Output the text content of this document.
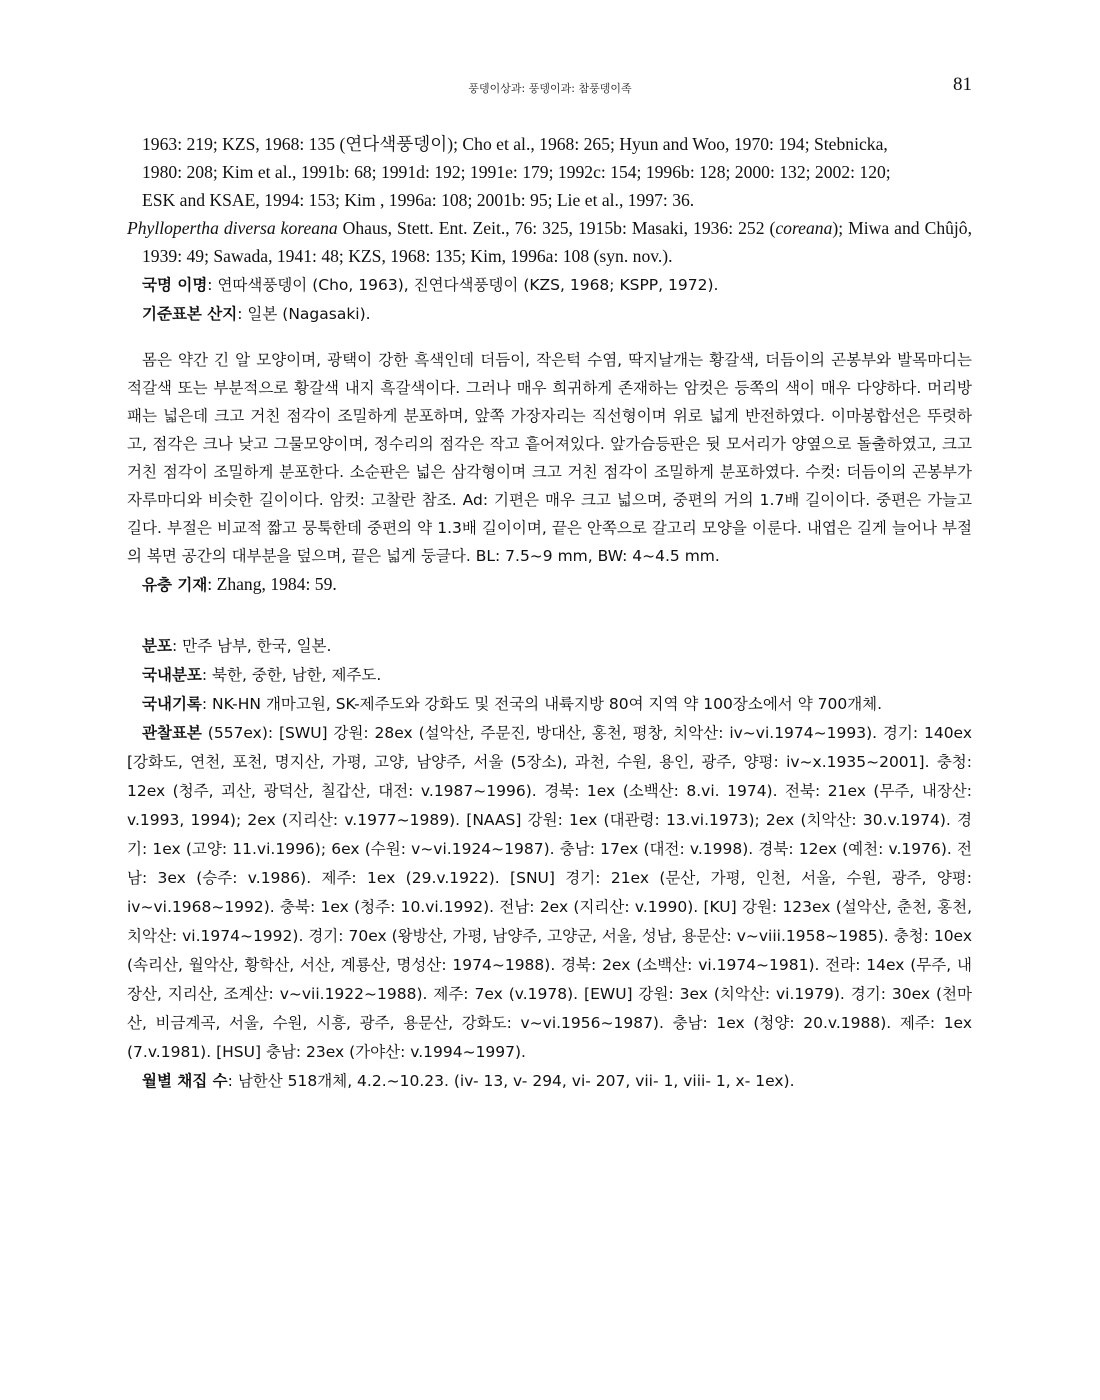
풍뎅이상과: 풍뎅이과: 참풍뎅이족	81

1963: 219; KZS, 1968: 135 (연다색풍뎅이); Cho et al., 1968: 265; Hyun and Woo, 1970: 194; Stebnicka,

1980: 208; Kim et al., 1991b: 68; 1991d: 192; 1991e: 179; 1992c: 154; 1996b: 128; 2000: 132; 2002: 120;

ESK and KSAE, 1994: 153; Kim , 1996a: 108; 2001b: 95; Lie et al., 1997: 36.

Phyllopertha diversa koreana Ohaus, Stett. Ent. Zeit., 76: 325, 1915b: Masaki, 1936: 252 (coreana); Miwa and Chûjô, 1939: 49; Sawada, 1941: 48; KZS, 1968: 135; Kim, 1996a: 108 (syn. nov.).

국명 이명: 연따색풍뎅이 (Cho, 1963), 진연다색풍뎅이 (KZS, 1968; KSPP, 1972).

기준표본 산지: 일본 (Nagasaki).

몸은 약간 긴 알 모양이며, 광택이 강한 흑색인데 더듬이, 작은턱 수염, 딱지날개는 황갈색, 더듬이의 곤봉부와 발목마디는 적갈색 또는 부분적으로 황갈색 내지 흑갈색이다. 그러나 매우 희귀하게 존재하는 암컷은 등쪽의 색이 매우 다양하다. 머리방패는 넓은데 크고 거친 점각이 조밀하게 분포하며, 앞쪽 가장자리는 직선형이며 위로 넓게 반전하였다. 이마봉합선은 뚜렷하고, 점각은 크나 낮고 그물모양이며, 정수리의 점각은 작고 흩어져있다. 앞가슴등판은 뒷 모서리가 양옆으로 돌출하였고, 크고 거친 점각이 조밀하게 분포한다. 소순판은 넓은 삼각형이며 크고 거친 점각이 조밀하게 분포하였다. 수컷: 더듬이의 곤봉부가 자루마디와 비슷한 길이이다. 암컷: 고찰란 참조. Ad: 기편은 매우 크고 넓으며, 중편의 거의 1.7배 길이이다. 중편은 가늘고 길다. 부절은 비교적 짧고 뭉툭한데 중편의 약 1.3배 길이이며, 끝은 안쪽으로 갈고리 모양을 이룬다. 내엽은 길게 늘어나 부절의 복면 공간의 대부분을 덮으며, 끝은 넓게 둥글다. BL: 7.5~9 mm, BW: 4~4.5 mm.

유충 기재: Zhang, 1984: 59.

분포: 만주 남부, 한국, 일본.

국내분포: 북한, 중한, 남한, 제주도.

국내기록: NK-HN 개마고원, SK-제주도와 강화도 및 전국의 내륙지방 80여 지역 약 100장소에서 약 700개체.

관찰표본 (557ex): [SWU] 강원: 28ex (설악산, 주문진, 방대산, 홍천, 평창, 치악산: iv~vi.1974~1993). 경기: 140ex [강화도, 연천, 포천, 명지산, 가평, 고양, 남양주, 서울 (5장소), 과천, 수원, 용인, 광주, 양평: iv~x.1935~2001]. 충청: 12ex (청주, 괴산, 광덕산, 칠갑산, 대전: v.1987~1996). 경북: 1ex (소백산: 8.vi. 1974). 전북: 21ex (무주, 내장산: v.1993, 1994); 2ex (지리산: v.1977~1989). [NAAS] 강원: 1ex (대관령: 13.vi.1973); 2ex (치악산: 30.v.1974). 경기: 1ex (고양: 11.vi.1996); 6ex (수원: v~vi.1924~1987). 충남: 17ex (대전: v.1998). 경북: 12ex (예천: v.1976). 전남: 3ex (승주: v.1986). 제주: 1ex (29.v.1922). [SNU] 경기: 21ex (문산, 가평, 인천, 서울, 수원, 광주, 양평: iv~vi.1968~1992). 충북: 1ex (청주: 10.vi.1992). 전남: 2ex (지리산: v.1990). [KU] 강원: 123ex (설악산, 춘천, 홍천, 치악산: vi.1974~1992). 경기: 70ex (왕방산, 가평, 남양주, 고양군, 서울, 성남, 용문산: v~viii.1958~1985). 충청: 10ex (속리산, 월악산, 황학산, 서산, 계룡산, 명성산: 1974~1988). 경북: 2ex (소백산: vi.1974~1981). 전라: 14ex (무주, 내장산, 지리산, 조계산: v~vii.1922~1988). 제주: 7ex (v.1978). [EWU] 강원: 3ex (치악산: vi.1979). 경기: 30ex (천마산, 비금계곡, 서울, 수원, 시흥, 광주, 용문산, 강화도: v~vi.1956~1987). 충남: 1ex (청양: 20.v.1988). 제주: 1ex (7.v.1981). [HSU] 충남: 23ex (가야산: v.1994~1997).

월별 채집 수: 남한산 518개체, 4.2.~10.23. (iv- 13, v- 294, vi- 207, vii- 1, viii- 1, x- 1ex).
